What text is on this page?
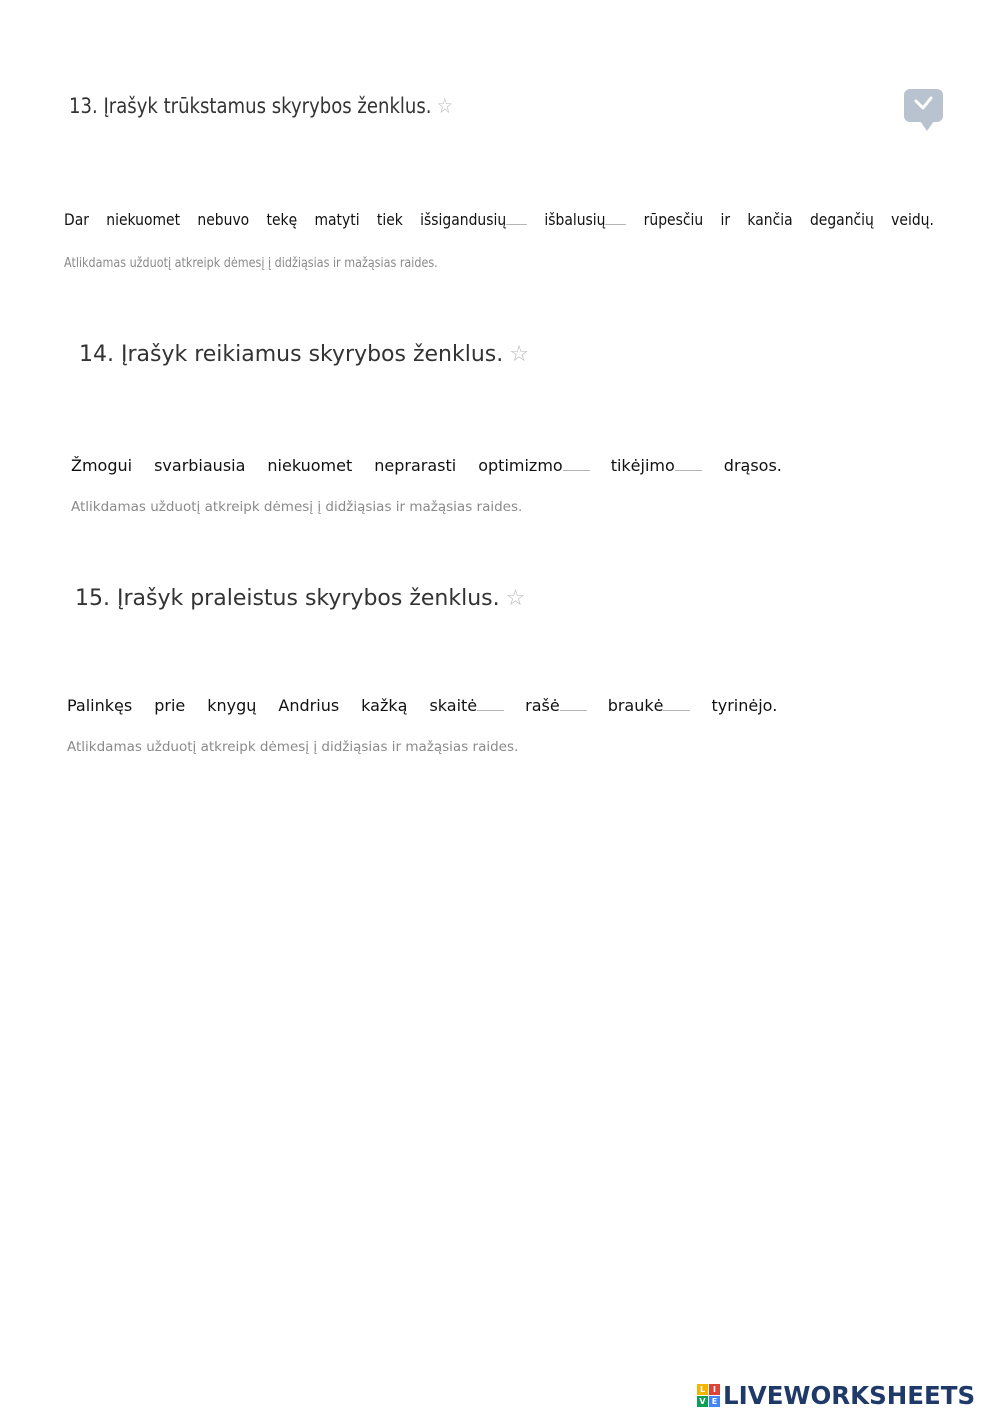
13. Įrašyk trūkstamus skyrybos ženklus. ☆
Dar niekuomet nebuvo tekę matyti tiek išsigandusių	išbalusių	rūpesčiu ir kančia degančių veidų.
Atlikdamas užduotį atkreipk dėmesį į didžiąsias ir mažąsias raides.
14. Įrašyk reikiamus skyrybos ženklus. ☆
Žmogui svarbiausia niekuomet neprarasti optimizmo	tikėjimo	drąsos.
Atlikdamas užduotį atkreipk dėmesį į didžiąsias ir mažąsias raides.
15. Įrašyk praleistus skyrybos ženklus. ☆
Palinkęs prie knygų Andrius kažką skaitė	rašė	braukė	tyrinėjo.
Atlikdamas užduotį atkreipk dėmesį į didžiąsias ir mažąsias raides.
L I
V E LIVEWORKSHEETS
